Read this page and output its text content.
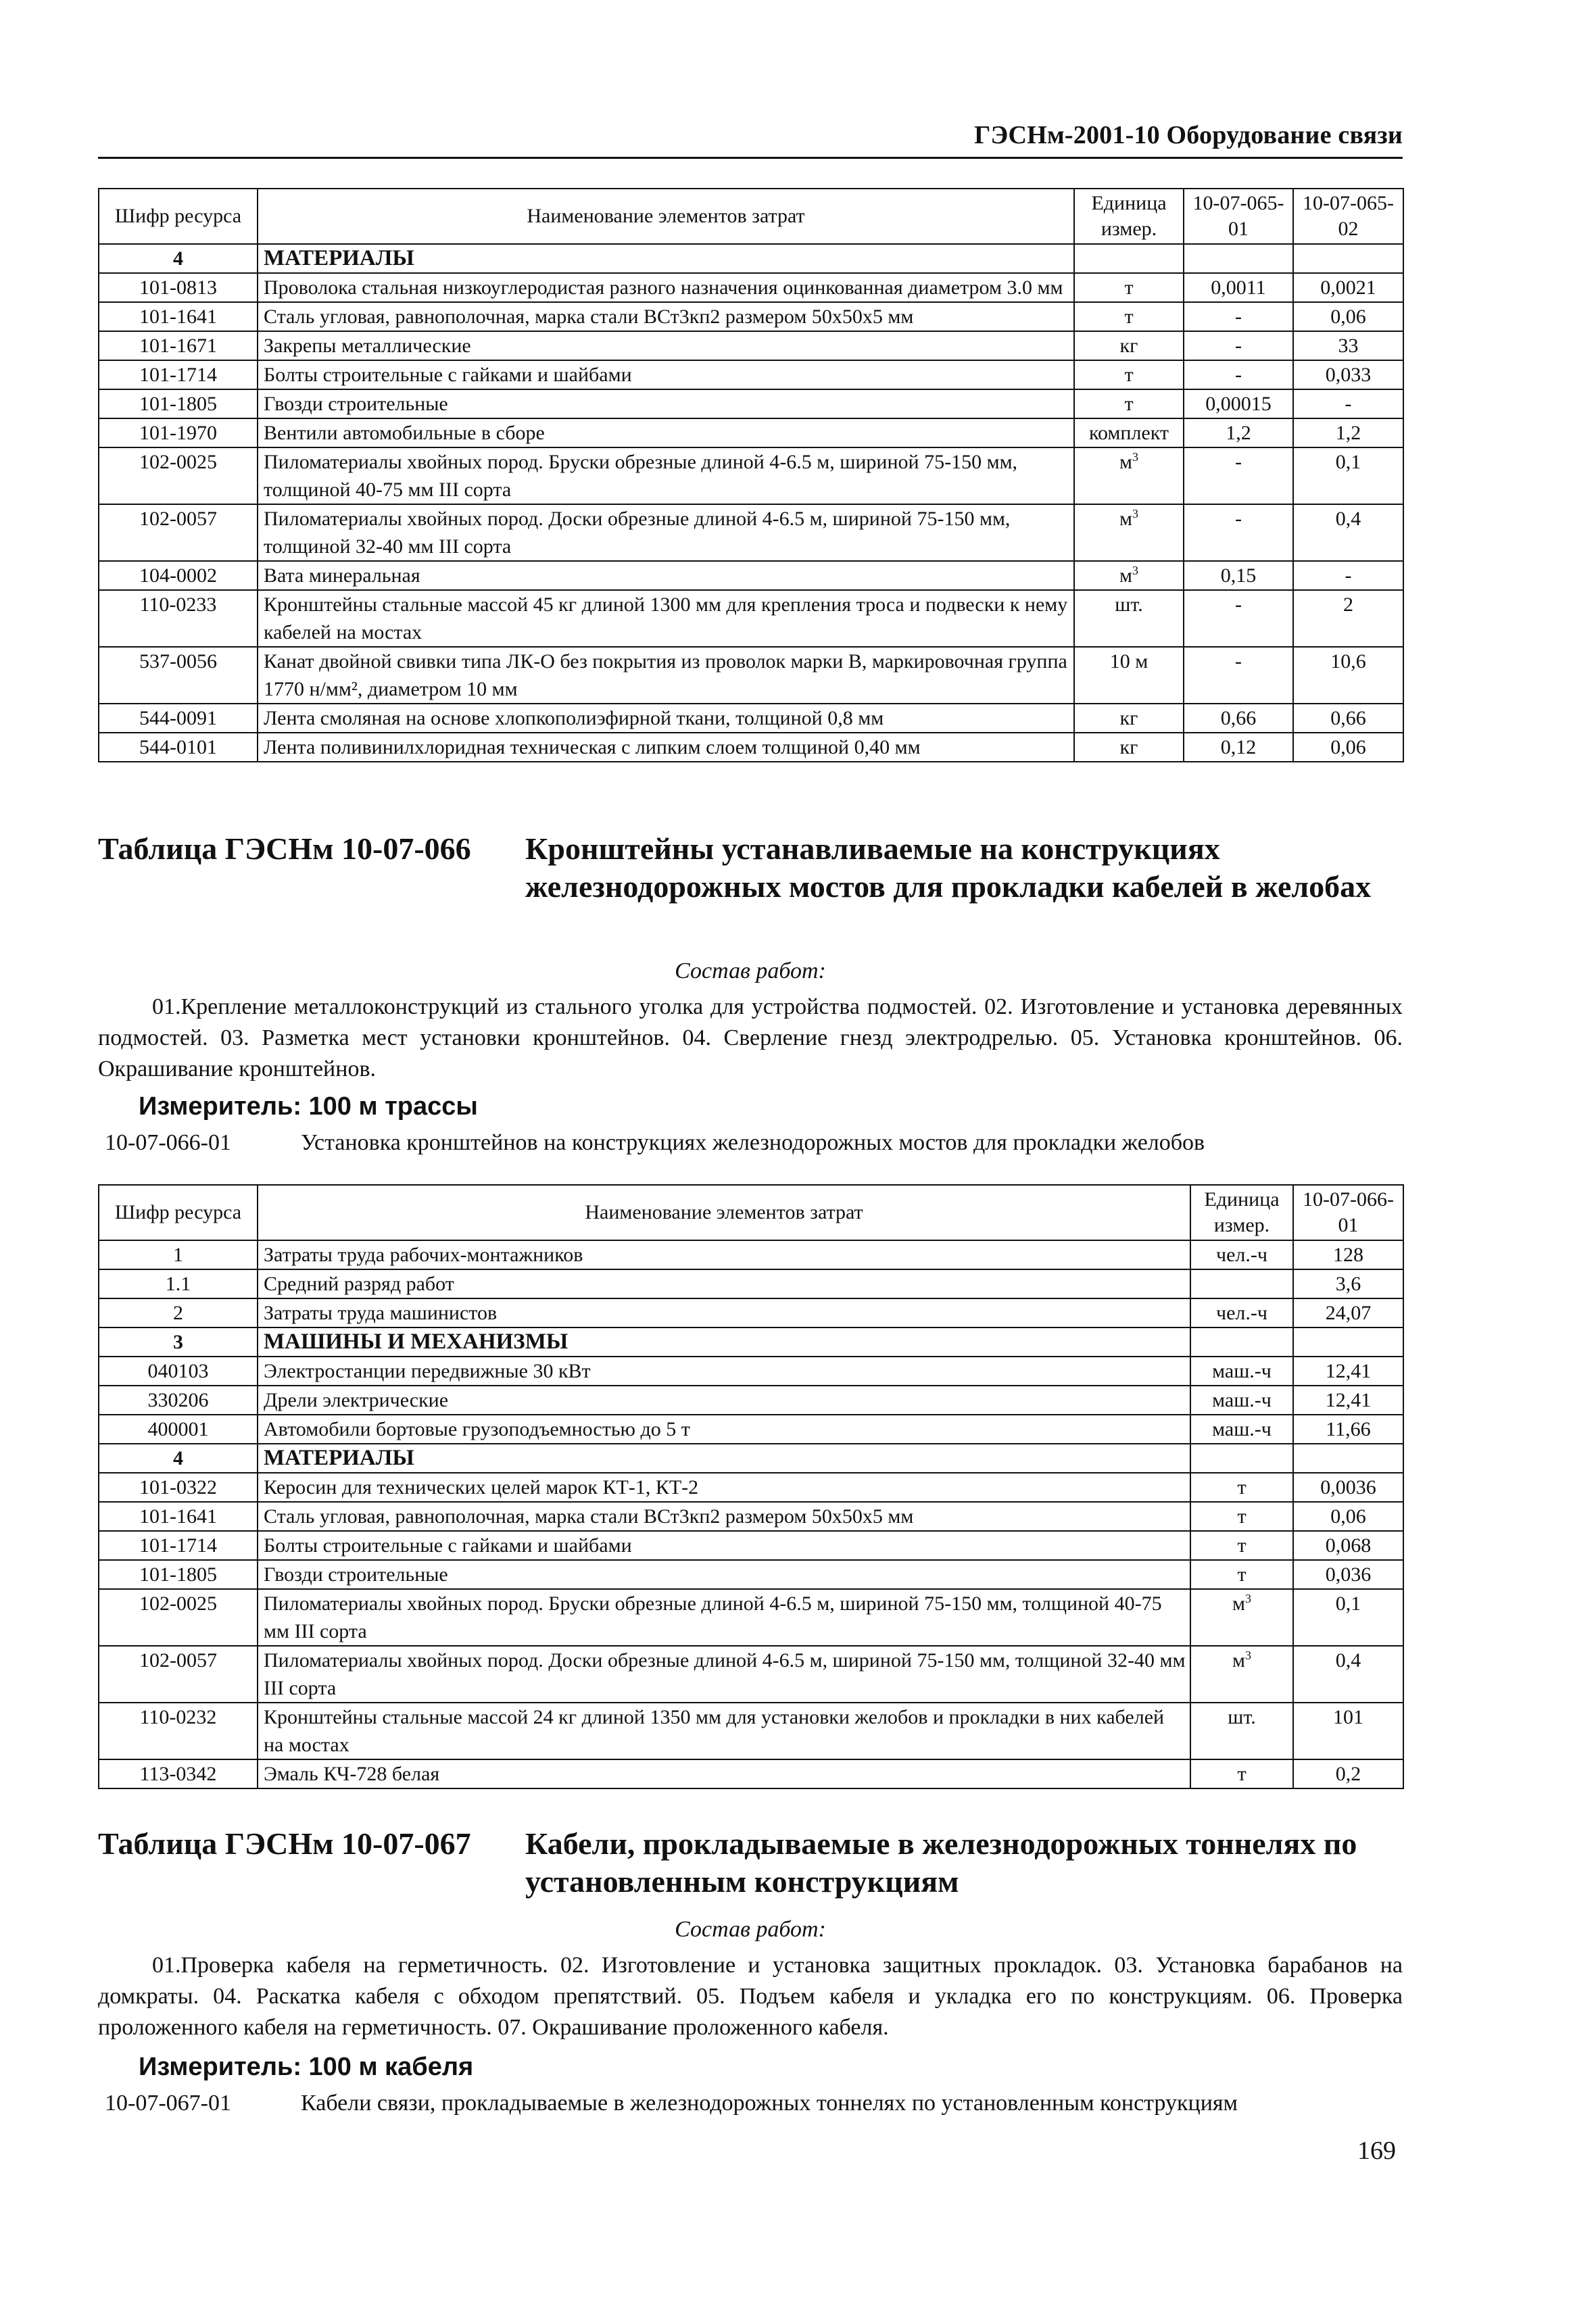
ГЭСНм-2001-10 Оборудование связи
Шифр ресурса	Наименование элементов затрат	Единица измер.	10-07-065-01	10-07-065-02
4	МАТЕРИАЛЫ			
101-0813	Проволока стальная низкоуглеродистая разного назначения оцинкованная диаметром 3.0 мм	т	0,0011	0,0021
101-1641	Сталь угловая, равнополочная, марка стали ВСт3кп2 размером 50х50х5 мм	т	-	0,06
101-1671	Закрепы металлические	кг	-	33
101-1714	Болты строительные с гайками и шайбами	т	-	0,033
101-1805	Гвозди строительные	т	0,00015	-
101-1970	Вентили автомобильные в сборе	комплект	1,2	1,2
102-0025	Пиломатериалы хвойных пород. Бруски обрезные длиной 4-6.5 м, шириной 75-150 мм, толщиной 40-75 мм III сорта	$м^3$	-	0,1
102-0057	Пиломатериалы хвойных пород. Доски обрезные длиной 4-6.5 м, шириной 75-150 мм, толщиной 32-40 мм III сорта	$м^3$	-	0,4
104-0002	Вата минеральная	$м^3$	0,15	-
110-0233	Кронштейны стальные массой 45 кг длиной 1300 мм для крепления троса и подвески к нему кабелей на мостах	шт.	-	2
537-0056	Канат двойной свивки типа ЛК-О без покрытия из проволок марки В, маркировочная группа 1770 н/мм², диаметром 10 мм	10 м	-	10,6
544-0091	Лента смоляная на основе хлопкополиэфирной ткани, толщиной 0,8 мм	кг	0,66	0,66
544-0101	Лента поливинилхлоридная техническая с липким слоем толщиной 0,40 мм	кг	0,12	0,06
Таблица ГЭСНм 10-07-066 Кронштейны устанавливаемые на конструкциях железнодорожных мостов для прокладки кабелей в желобах
Состав работ:
01.Крепление металлоконструкций из стального уголка для устройства подмостей. 02. Изготовление и установка деревянных подмостей. 03. Разметка мест установки кронштейнов. 04. Сверление гнезд электродрелью. 05. Установка кронштейнов. 06. Окрашивание кронштейнов.
Измеритель: 100 м трассы
10-07-066-01	Установка кронштейнов на конструкциях железнодорожных мостов для прокладки желобов
Шифр ресурса	Наименование элементов затрат	Единица измер.	10-07-066-01
1	Затраты труда рабочих-монтажников	чел.-ч	128
1.1	Средний разряд работ		3,6
2	Затраты труда машинистов	чел.-ч	24,07
3	МАШИНЫ И МЕХАНИЗМЫ		
040103	Электростанции передвижные 30 кВт	маш.-ч	12,41
330206	Дрели электрические	маш.-ч	12,41
400001	Автомобили бортовые грузоподъемностью до 5 т	маш.-ч	11,66
4	МАТЕРИАЛЫ		
101-0322	Керосин для технических целей марок КТ-1, КТ-2	т	0,0036
101-1641	Сталь угловая, равнополочная, марка стали ВСт3кп2 размером 50х50х5 мм	т	0,06
101-1714	Болты строительные с гайками и шайбами	т	0,068
101-1805	Гвозди строительные	т	0,036
102-0025	Пиломатериалы хвойных пород. Бруски обрезные длиной 4-6.5 м, шириной 75-150 мм, толщиной 40-75 мм III сорта	$м^3$	0,1
102-0057	Пиломатериалы хвойных пород. Доски обрезные длиной 4-6.5 м, шириной 75-150 мм, толщиной 32-40 мм III сорта	$м^3$	0,4
110-0232	Кронштейны стальные массой 24 кг длиной 1350 мм для установки желобов и прокладки в них кабелей на мостах	шт.	101
113-0342	Эмаль КЧ-728 белая	т	0,2
Таблица ГЭСНм 10-07-067 Кабели, прокладываемые в железнодорожных тоннелях по установленным конструкциям
Состав работ:
01.Проверка кабеля на герметичность. 02. Изготовление и установка защитных прокладок. 03. Установка барабанов на домкраты. 04. Раскатка кабеля с обходом препятствий. 05. Подъем кабеля и укладка его по конструкциям. 06. Проверка проложенного кабеля на герметичность. 07. Окрашивание проложенного кабеля.
Измеритель: 100 м кабеля
10-07-067-01	Кабели связи, прокладываемые в железнодорожных тоннелях по установленным конструкциям
169
